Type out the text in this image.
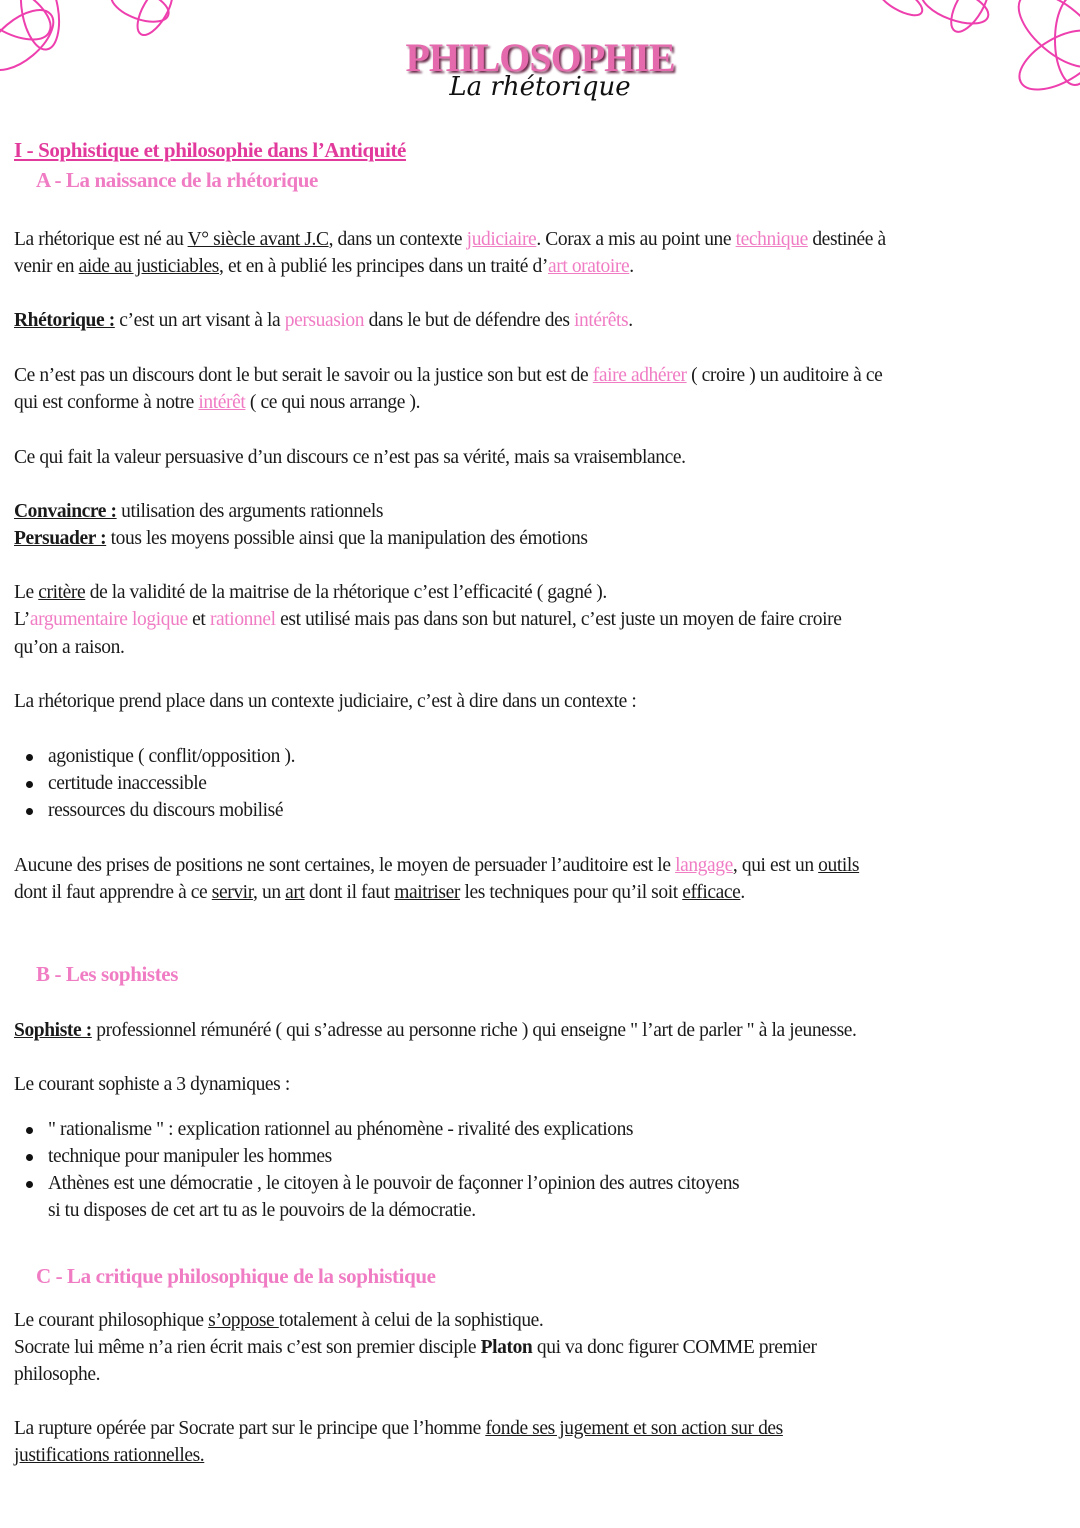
PHILOSOPHIE
La rhétorique
I - Sophistique et philosophie dans l’Antiquité
A - La naissance de la rhétorique
La rhétorique est né au V° siècle avant J.C, dans un contexte judiciaire. Corax a mis au point une technique destinée à
venir en aide au justiciables, et en à publié les principes dans un traité d’art oratoire.
Rhétorique : c’est un art visant à la persuasion dans le but de défendre des intérêts.
Ce n’est pas un discours dont le but serait le savoir ou la justice son but est de faire adhérer ( croire ) un auditoire à ce
qui est conforme à notre intérêt ( ce qui nous arrange ).
Ce qui fait la valeur persuasive d’un discours ce n’est pas sa vérité, mais sa vraisemblance.
Convaincre : utilisation des arguments rationnels
Persuader : tous les moyens possible ainsi que la manipulation des émotions
Le critère de la validité de la maitrise de la rhétorique c’est l’efficacité ( gagné ).
L’argumentaire logique et rationnel est utilisé mais pas dans son but naturel, c’est juste un moyen de faire croire
qu’on a raison.
La rhétorique prend place dans un contexte judiciaire, c’est à dire dans un contexte :
agonistique ( conflit/opposition ).
certitude inaccessible
ressources du discours mobilisé
Aucune des prises de positions ne sont certaines, le moyen de persuader l’auditoire est le langage, qui est un outils
dont il faut apprendre à ce servir, un art dont il faut maitriser les techniques pour qu’il soit efficace.
B - Les sophistes
Sophiste : professionnel rémunéré ( qui s’adresse au personne riche ) qui enseigne " l’art de parler " à la jeunesse.
Le courant sophiste a 3 dynamiques :
" rationalisme " : explication rationnel au phénomène - rivalité des explications
technique pour manipuler les hommes
Athènes est une démocratie , le citoyen à le pouvoir de façonner l’opinion des autres citoyens
si tu disposes de cet art tu as le pouvoirs de la démocratie.
C - La critique philosophique de la sophistique
Le courant philosophique s’oppose totalement à celui de la sophistique.
Socrate lui même n’a rien écrit mais c’est son premier disciple Platon qui va donc figurer COMME premier
philosophe.
La rupture opérée par Socrate part sur le principe que l’homme fonde ses jugement et son action sur des
justifications rationnelles.
